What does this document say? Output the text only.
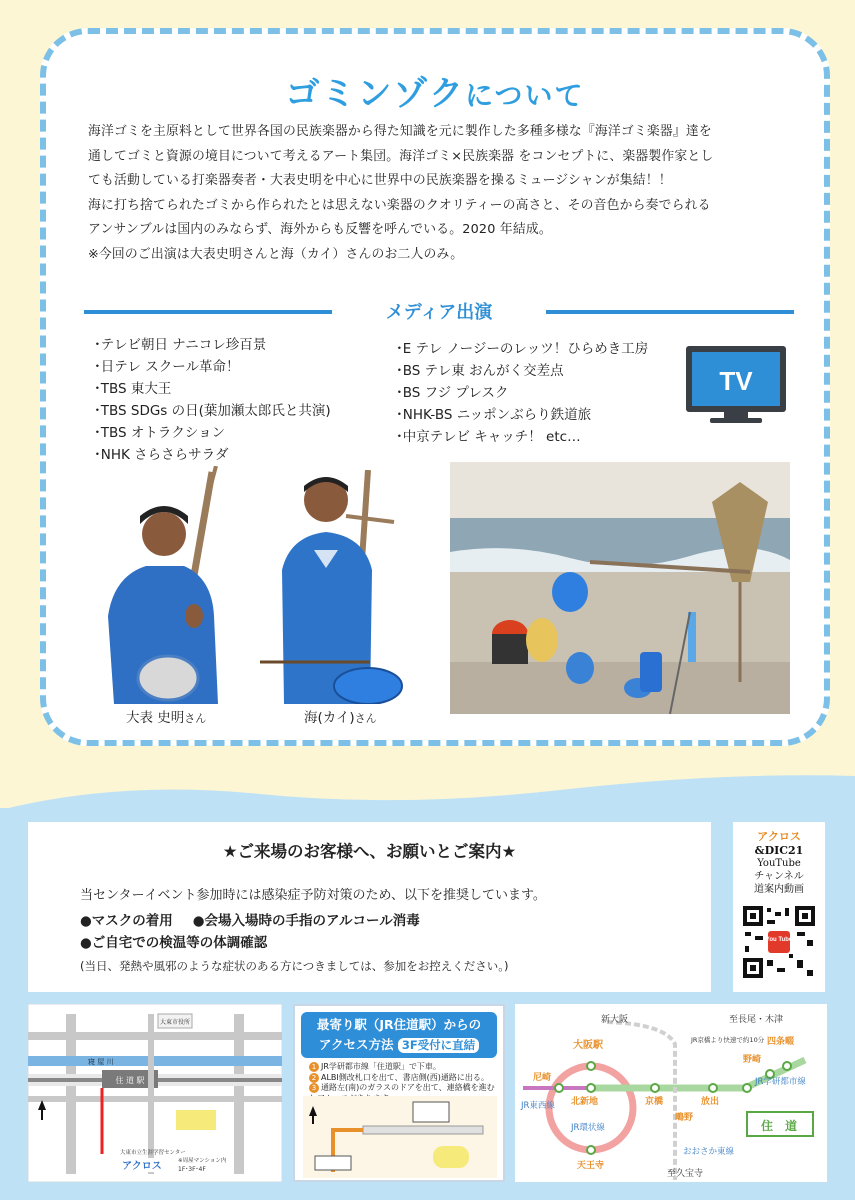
ゴミンゾクについて

海洋ゴミを主原料として世界各国の民族楽器から得た知識を元に製作した多種多様な『海洋ゴミ楽器』達を

通してゴミと資源の境目について考えるアート集団。海洋ゴミ×民族楽器 をコンセプトに、楽器製作家とし

ても活動している打楽器奏者・大表史明を中心に世界中の民族楽器を操るミュージシャンが集結！！

海に打ち捨てられたゴミから作られたとは思えない楽器のクオリティーの高さと、その音色から奏でられる

アンサンブルは国内のみならず、海外からも反響を呼んでいる。2020 年結成。

※今回のご出演は大表史明さんと海（カイ）さんのお二人のみ。

メディア出演
･テレビ朝日 ナニコレ珍百景
･日テレ スクール革命！
･TBS 東大王
･TBS SDGs の日(葉加瀬太郎氏と共演)
･TBS オトラクション
･NHK さらさらサラダ
･E テレ ノージーのレッツ！ひらめき工房
･BS テレ東 おんがく交差点
･BS フジ プレスク
･NHK-BS ニッポンぶらり鉄道旅
･中京テレビ キャッチ！ etc…
TV
大表 史明さん	海(カイ)さん
★ご来場のお客様へ、お願いとご案内★
当センターイベント参加時には感染症予防対策のため、以下を推奨しています。
●マスクの着用 ●会場入場時の手指のアルコール消毒
●ご自宅での検温等の体調確認
(当日、発熱や風邪のような症状のある方につきましては、参加をお控えください。)
アクロス
&DIC21
YouTube
チャンネル
道案内動画
You Tube
寝 屋 川
住 道 駅
大東市役所
大東市立生涯学習センター
アクロス	※周屋マンション内
1F･3F･4F
最寄り駅（JR住道駅）からの
アクセス方法 3F受付に直結
1 JR学研都市線「住道駅」で下車。
2 ALBI側改札口を出て、書店側(西)通路に出る。
3 通路左(南)のガラスのドアを出て、連絡橋を進む
新大阪
大阪駅
北新地
尼崎
京橋	放出
鴫野
野崎
四条畷
住　道
天王寺
至久宝寺
至長尾・木津
JR東西線
JR環状線
JR学研都市線
おおさか東線
JR京橋より快速で約10分
